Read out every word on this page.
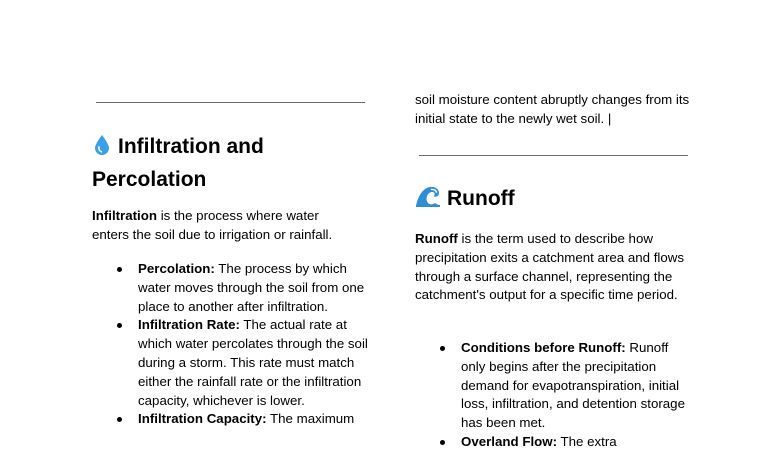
Infiltration and
Percolation

Infiltration is the process where water enters the soil due to irrigation or rainfall.

Percolation: The process by which water moves through the soil from one place to another after infiltration.
Infiltration Rate: The actual rate at which water percolates through the soil during a storm. This rate must match either the rainfall rate or the infiltration capacity, whichever is lower.
Infiltration Capacity: The maximum

soil moisture content abruptly changes from its initial state to the newly wet soil. |

Runoff

Runoff is the term used to describe how precipitation exits a catchment area and flows through a surface channel, representing the catchment's output for a specific time period.

Conditions before Runoff: Runoff only begins after the precipitation demand for evapotranspiration, initial loss, infiltration, and detention storage has been met.
Overland Flow: The extra
